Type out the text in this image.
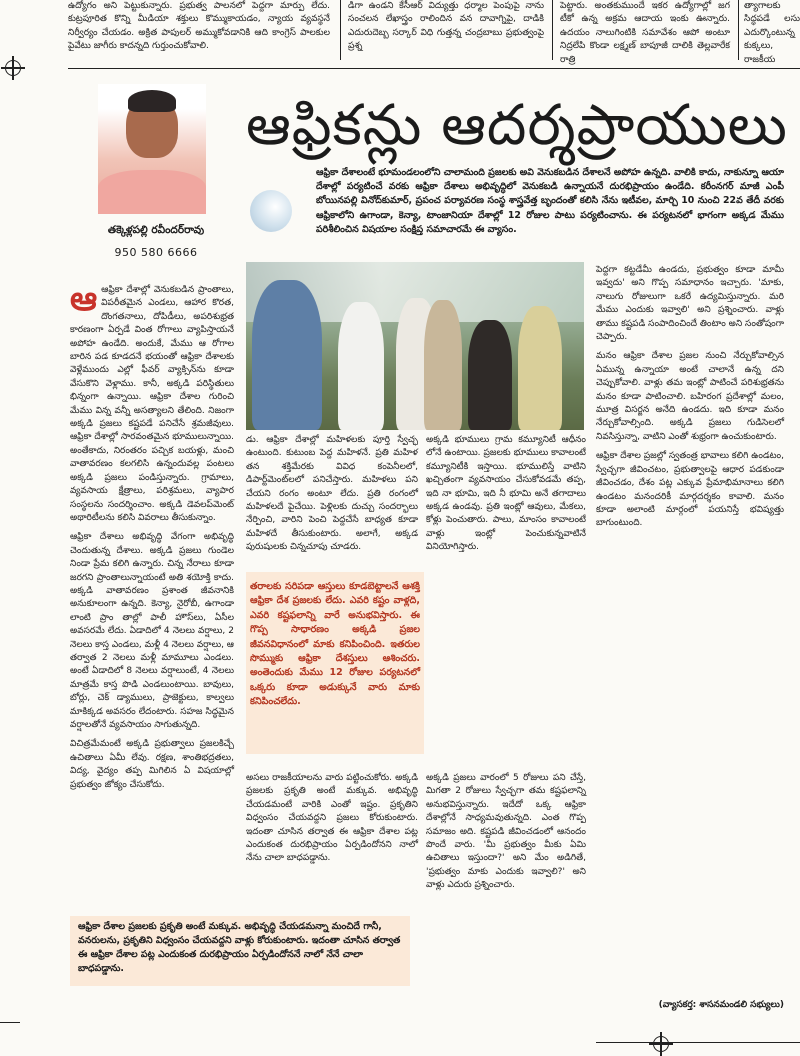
ఉద్యోగం అని పెట్టుకున్నారు. ప్రభుత్వ పాలనలో పెద్దగా మార్పు లేదు. కుట్రపూరిత కొన్ని మీడియా శక్తులు కొమ్ముకాయడం, న్యాయ వ్యవస్థనే నిర్వీర్యం చేయడం. అక్రిత పాపులర్ అమ్ముకోవడానికి ఆది కాంగ్రెస్ పాలకుల పైవేటు జాగీరు కాదన్నది గుర్తుంచుకోవాలి.
డిగా ఉండని కేసీఆర్ విద్యుత్తు ధర్మాల పెంపుపై నాను సంచలన లేఖాస్త్రం రాలిందిన వన దావాగ్నిపై, దాడికి ఎదురుదెబ్బ సర్కార్ విధి గుత్తన్న చంద్రబాబు ప్రభుత్వంపై ప్రశ్న
పెట్టారు. అంతకుముందే ఇకర ఉద్యోగాల్లో జగ టీకో ఉన్న అక్రమ ఆదాయ ఇంకు ఊన్నారు. ఉదయం నాలుగింటికి సమావేశం ఆపో అంటూ నిద్రలేపి కొండా లక్ష్మణ్ బాపూజీ దాలికి తెల్లవారేక రాత్రి
త్యాగాలకు సిద్ధపడే లసు ఎదుర్కొంటున్న కుక్కలు, రాజకీయ
తక్కెళ్లపల్లి రవీందర్‌రావు
950 580 6666
ఆఫ్రికన్లు ఆదర్శప్రాయులు
ఆఫ్రికా దేశాలంటే భూమండలంలోని చాలామంది ప్రజలకు అవి వెనుకబడిన దేశాలనే అపోహ ఉన్నది. వాలికి కాదు, నాకున్నూ ఆయా దేశాల్లో పర్యటించే వరకు ఆఫ్రికా దేశాలు అభివృద్ధిలో వెనుకబడి ఉన్నాయనే దురభిప్రాయం ఉండేది. కరీంనగర్ మాజీ ఎంపీ బోయినపల్లి వినోద్‌కుమార్, ప్రపంచ పర్యావరణ సంస్థ శాస్త్రవేత్త బృందంతో కలిసి నేను ఇటీవల, మార్చి 10 నుంచి 22వ తేదీ వరకు ఆఫ్రికాలోని ఉగాండా, కెన్యా, టాంజానియా దేశాల్లో 12 రోజుల పాటు పర్యటించాను. ఈ పర్యటనలో భాగంగా అక్కడ మేము పరిశీలించిన విషయాల సంక్షిప్త సమాచారమే ఈ వ్యాసం.

ఆఆఫ్రికా దేశాల్లో వెనుకబడిన ప్రాంతాలు, విపరీతమైన ఎండలు, ఆహార కొరత, దొంగతనాలు, దోపిడీలు, అపరిశుభ్రత కారణంగా ఏర్పడే వింత రోగాలు వ్యాపిస్తాయనే అపోహ ఉండేది. అందుకే, మేము ఆ రోగాల బారిన పడ కూడదనే భయంతో ఆఫ్రికా దేశాలకు వెళ్లేముందు ఎల్లో ఫీవర్ వ్యాక్సిన్‌ను కూడా వేసుకొని వెళ్లాము. కానీ, అక్కడి పరిస్థితులు భిన్నంగా ఉన్నాయి. ఆఫ్రికా దేశాల గురించి మేము విన్న వన్నీ అసత్యాలని తేలింది. నిజంగా అక్కడి ప్రజలు కష్టపడే పనిచేసే శ్రమజీవులు. ఆఫ్రికా దేశాల్లో సారవంతమైన భూములున్నాయి. అంతేకాదు, నిరంతరం పచ్చిక బయళ్లు, మంచి వాతావరణం కలగలిసి ఉన్నందువల్ల పంటలు అక్కడి ప్రజలు పండిస్తున్నారు. గ్రామాలు, వ్యవసాయ క్షేత్రాలు, పరిశ్రమలు, వ్యాపార సంస్థలను సందర్శించాం. అక్కడి డెవలప్‌మెంట్ అథారిటీలను కలిసి వివరాలు తీసుకున్నాం.

ఆఫ్రికా దేశాలు అభివృద్ధి వేగంగా అభివృద్ధి చెందుతున్న దేశాలు. అక్కడి ప్రజలు గుండెల నిండా ప్రేమ కలిగి ఉన్నారు. చిన్న నేరాలు కూడా జరగని ప్రాంతాలున్నాయంటే అతి శయోక్తి కాదు. అక్కడి వాతావరణం ప్రశాంత జీవనానికి అనుకూలంగా ఉన్నది. కెన్యా, నైరోబీ, ఉగాండా లాంటి ప్రాం తాల్లో పాలీ హౌస్‌లు, ఏసీల అవసరమే లేదు. ఏడాదిలో 4 నెలలు వర్షాలు, 2 నెలలు కాస్త ఎండలు, మళ్లీ 4 నెలలు వర్షాలు, ఆ తర్వాత 2 నెలలు మళ్లీ మామూలు ఎండలు. అంటే ఏడాదిలో 8 నెలలు వర్షాలుంటే, 4 నెలలు మాత్రమే కాస్త పొడి ఎండలుంటాయి. బావులు, బోర్లు, చెక్ డ్యాములు, ప్రాజెక్టులు, కాల్వలు మాకిక్కడ అవసరం లేదంటారు. సహజ సిద్ధమైన వర్షాలతోనే వ్యవసాయం సాగుతున్నది.

విచిత్రమేమంటే అక్కడి ప్రభుత్వాలు ప్రజలకిచ్చే ఉచితాలు ఏమీ లేవు. రక్షణ, శాంతిభద్రతలు, విద్య, వైద్యం తప్ప మిగిలిన ఏ విషయాల్లో ప్రభుత్వం జోక్యం చేసుకోదు.

డు. ఆఫ్రికా దేశాల్లో మహిళలకు పూర్తి స్వేచ్ఛ ఉంటుంది. కుటుంబ పెద్ద మహిళనే. ప్రతి మహిళ తన శక్తిమేరకు వివిధ కంపెనీలలో, డిపార్ట్‌మెంట్‌లలో పనిచేస్తారు. మహిళలు పని చేయని రంగం అంటూ లేదు. ప్రతి రంగంలో మహిళలదే పైచేయి. పెళ్లిలకు దుచ్చు సందర్భాలు నేర్పించి, వారిని పెంచి పెద్దచేసే బాధ్యత కూడా మహిళదే తీసుకుంటారు. అలాగే, అక్కడ పురుషులకు చిన్నచూపు చూడరు.

తరాలకు సరిపడా ఆస్తులు కూడబెట్టాలనే ఆశక్తి ఆఫ్రికా దేశ ప్రజలకు లేదు. ఎవరి కష్టం వాళ్లది, ఎవరి కష్టఫలాన్ని వారే అనుభవిస్తారు. ఈ గొప్ప సాధారణం అక్కడి ప్రజల జీవనవిధానంలో మాకు కనిపించింది. ఇతరుల సొమ్ముకు ఆఫ్రికా దేశస్తులు ఆశించరు. అంతెందుకు మేము 12 రోజుల పర్యటనలో ఒక్కరు కూడా అడుక్కునే వారు మాకు కనిపించలేదు.

అసలు రాజకీయాలను వారు పట్టించుకోరు. అక్కడి ప్రజలకు ప్రకృతి అంటే మక్కువ. అభివృద్ధి చేయడమంటే వారికి ఎంతో ఇష్టం. ప్రకృతిని విధ్వంసం చేయవద్దని ప్రజలు కోరుకుంటారు. ఇదంతా చూసిన తర్వాత ఈ ఆఫ్రికా దేశాల పట్ల ఎందుకంత దురభిప్రాయం ఏర్పడిందోనని నాలో నేను చాలా బాధపడ్డాను.

అక్కడి భూములు గ్రామ కమ్యూనిటీ ఆధీనం లోనే ఉంటాయి. ప్రజలకు భూములు కావాలంటే కమ్యూనిటీకి ఇస్తాయి. భూములిస్తే వాటిని ఖచ్చితంగా వ్యవసాయం చేసుకోవడమే తప్ప, ఇది నా భూమి, ఇది నీ భూమి అనే తగాదాలు అక్కడ ఉండవు. ప్రతి ఇంట్లో ఆవులు, మేకలు, కోళ్లు పెంచుతారు. పాలు, మాంసం కావాలంటే వాళ్లు ఇంట్లో పెంచుకున్నవాటినే వినియోగిస్తారు.

అక్కడి ప్రజలు వారంలో 5 రోజులు పని చేస్తే, మిగతా 2 రోజులు స్వేచ్ఛగా తమ కష్టఫలాన్ని అనుభవిస్తున్నారు. ఇదేదో ఒక్క ఆఫ్రికా దేశాల్లోనే సాధ్యమవుతున్నది. ఎంత గొప్ప సమాజం అది. కష్టపడి జీవించడంలో ఆనందం పొందే వారు. 'మీ ప్రభుత్వం మీకు ఏమి ఉచితాలు ఇస్తుందా?' అని మేం అడిగితే, 'ప్రభుత్వం మాకు ఎందుకు ఇవ్వాలి?' అని వాళ్లు ఎదురు ప్రశ్నించారు.

పెద్దగా కట్టడేమీ ఉండదు, ప్రభుత్వం కూడా మామీ ఇవ్వదు' అని గొప్ప సమాధానం ఇచ్చారు. 'మాకు, నాలుగు రోజులుగా ఒకరే ఉద్యమిస్తున్నారు. మరి మేము ఎందుకు ఇవ్వాలి' అని ప్రశ్నించారు. వాళ్లు తాము కష్టపడి సంపాదించిందే తింటాం అని సంతోషంగా చెప్పారు.

మనం ఆఫ్రికా దేశాల ప్రజల నుంచి నేర్చుకోవాల్సిన ఏమున్న ఉన్నాయా అంటే చాలానే ఉన్న దని చెప్పుకోవాలి. వాళ్లు తమ ఇంట్లో పాటించే పరిశుభ్రతను మనం కూడా పాటించాలి. బహిరంగ ప్రదేశాల్లో మలం, మూత్ర విసర్జన అనేది ఉండదు. ఇది కూడా మనం నేర్చుకోవాల్సింది. అక్కడి ప్రజలు గుడిసెలలో నివసిస్తున్నా, వాటిని ఎంతో శుభ్రంగా ఉంచుకుంటారు.

ఆఫ్రికా దేశాల ప్రజల్లో స్వతంత్ర భావాలు కలిగి ఉండటం, స్వేచ్ఛగా జీవించటం, ప్రభుత్వాలపై ఆధార పడకుండా జీవించడం, దేశం పట్ల ఎక్కువ ప్రేమాభిమానాలు కలిగి ఉండటం మనందరికీ మార్గదర్శకం కావాలి. మనం కూడా అలాంటి మార్గంలో పయనిస్తే భవిష్యత్తు బాగుంటుంది.

ఆఫ్రికా దేశాల ప్రజలకు ప్రకృతి అంటే మక్కువ. అభివృద్ధి చేయడమన్నా మంచిదే గానీ, వనరులను, ప్రకృతిని విధ్వంసం చేయవద్దని వాళ్లు కోరుకుంటారు. ఇదంతా చూసిన తర్వాత ఈ ఆఫ్రికా దేశాల పట్ల ఎందుకంత దురభిప్రాయం ఏర్పడిందోననే నాలో నేనే చాలా బాధపడ్డాను.
(వ్యాసకర్త: శాసనమండలి సభ్యులు)
